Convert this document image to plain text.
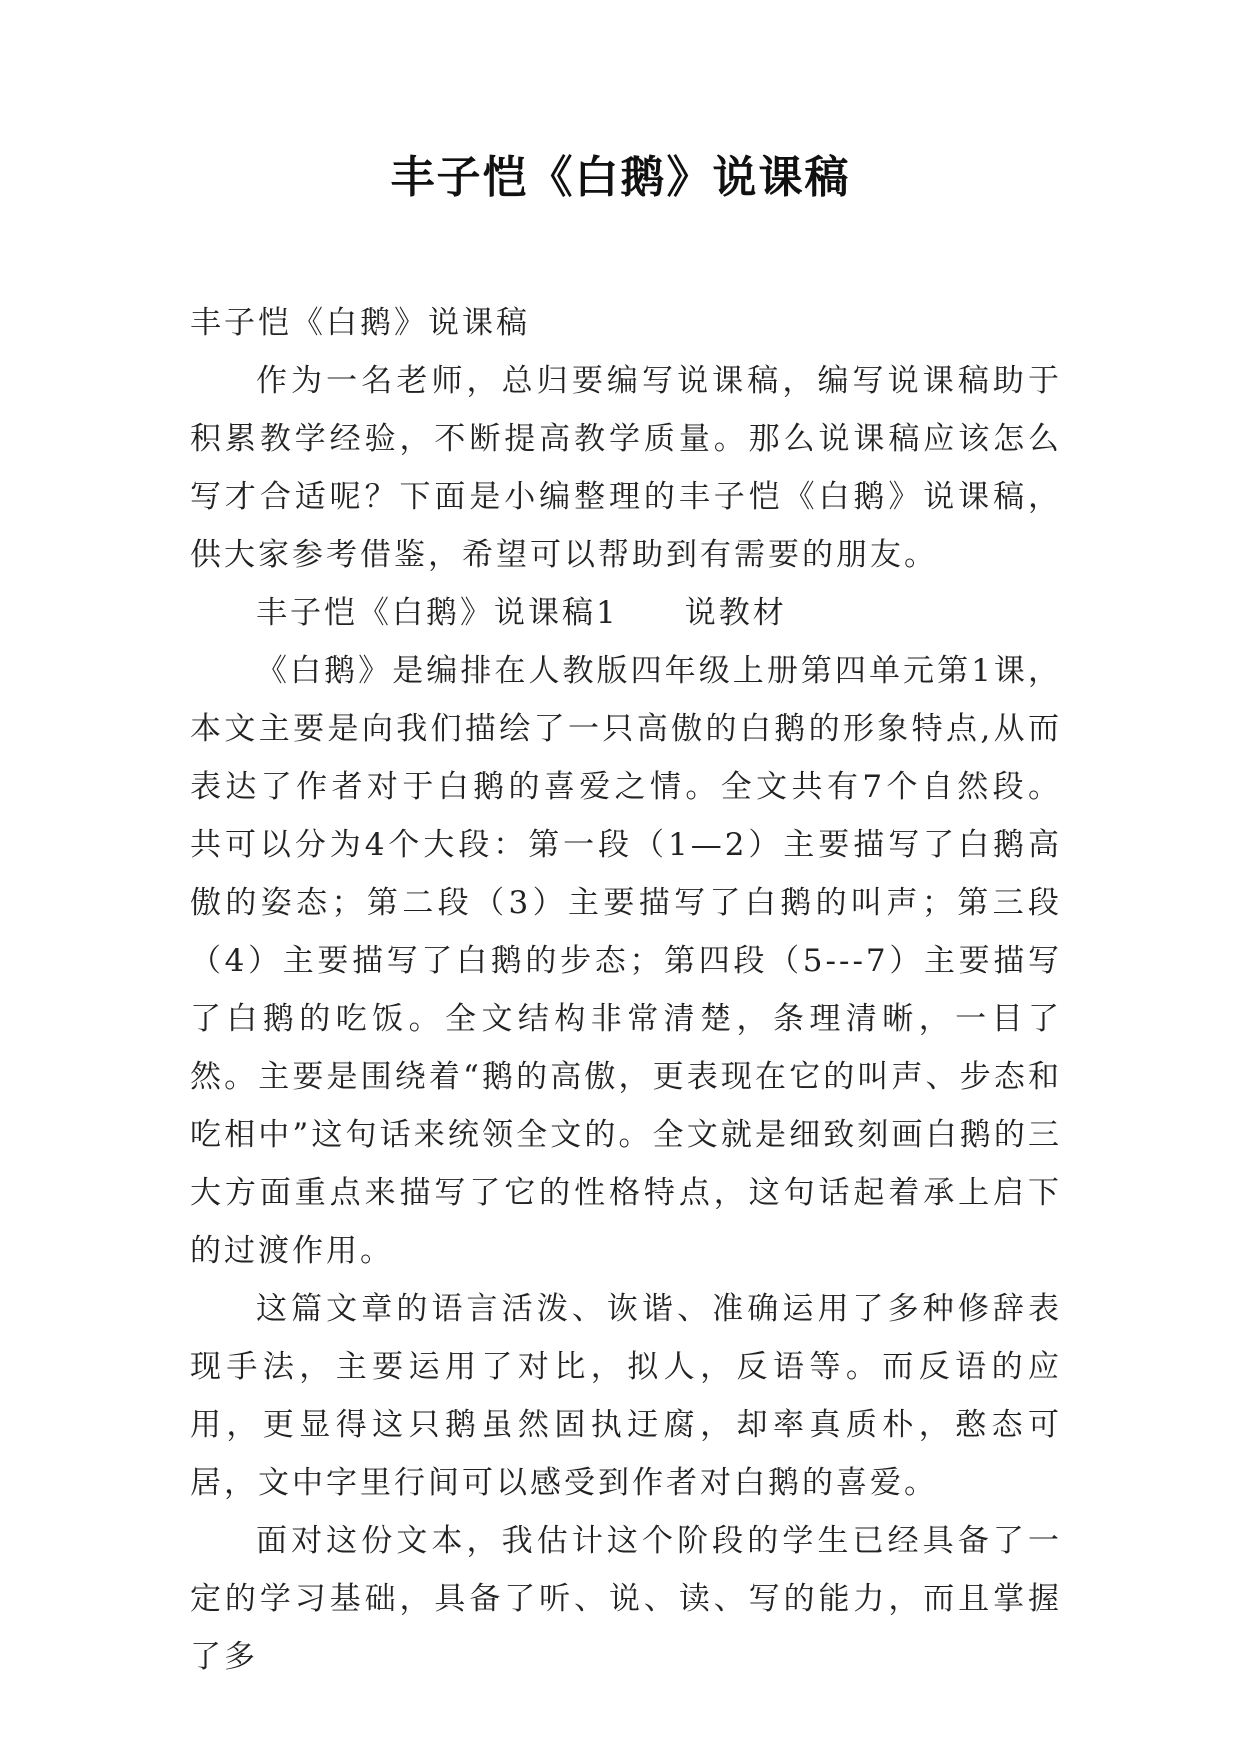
丰子恺《白鹅》说课稿

丰子恺《白鹅》说课稿

作为一名老师，总归要编写说课稿，编写说课稿助于积累教学经验，不断提高教学质量。那么说课稿应该怎么写才合适呢？下面是小编整理的丰子恺《白鹅》说课稿，供大家参考借鉴，希望可以帮助到有需要的朋友。

丰子恺《白鹅》说课稿1 说教材

《白鹅》是编排在人教版四年级上册第四单元第1课，本文主要是向我们描绘了一只高傲的白鹅的形象特点,从而表达了作者对于白鹅的喜爱之情。全文共有7个自然段。共可以分为4个大段：第一段（1—2）主要描写了白鹅高傲的姿态；第二段（3）主要描写了白鹅的叫声；第三段（4）主要描写了白鹅的步态；第四段（5---7）主要描写了白鹅的吃饭。全文结构非常清楚，条理清晰，一目了然。主要是围绕着“鹅的高傲，更表现在它的叫声、步态和吃相中”这句话来统领全文的。全文就是细致刻画白鹅的三大方面重点来描写了它的性格特点，这句话起着承上启下的过渡作用。

这篇文章的语言活泼、诙谐、准确运用了多种修辞表现手法，主要运用了对比，拟人，反语等。而反语的应用，更显得这只鹅虽然固执迂腐，却率真质朴，憨态可居，文中字里行间可以感受到作者对白鹅的喜爱。

面对这份文本，我估计这个阶段的学生已经具备了一定的学习基础，具备了听、说、读、写的能力，而且掌握了多
